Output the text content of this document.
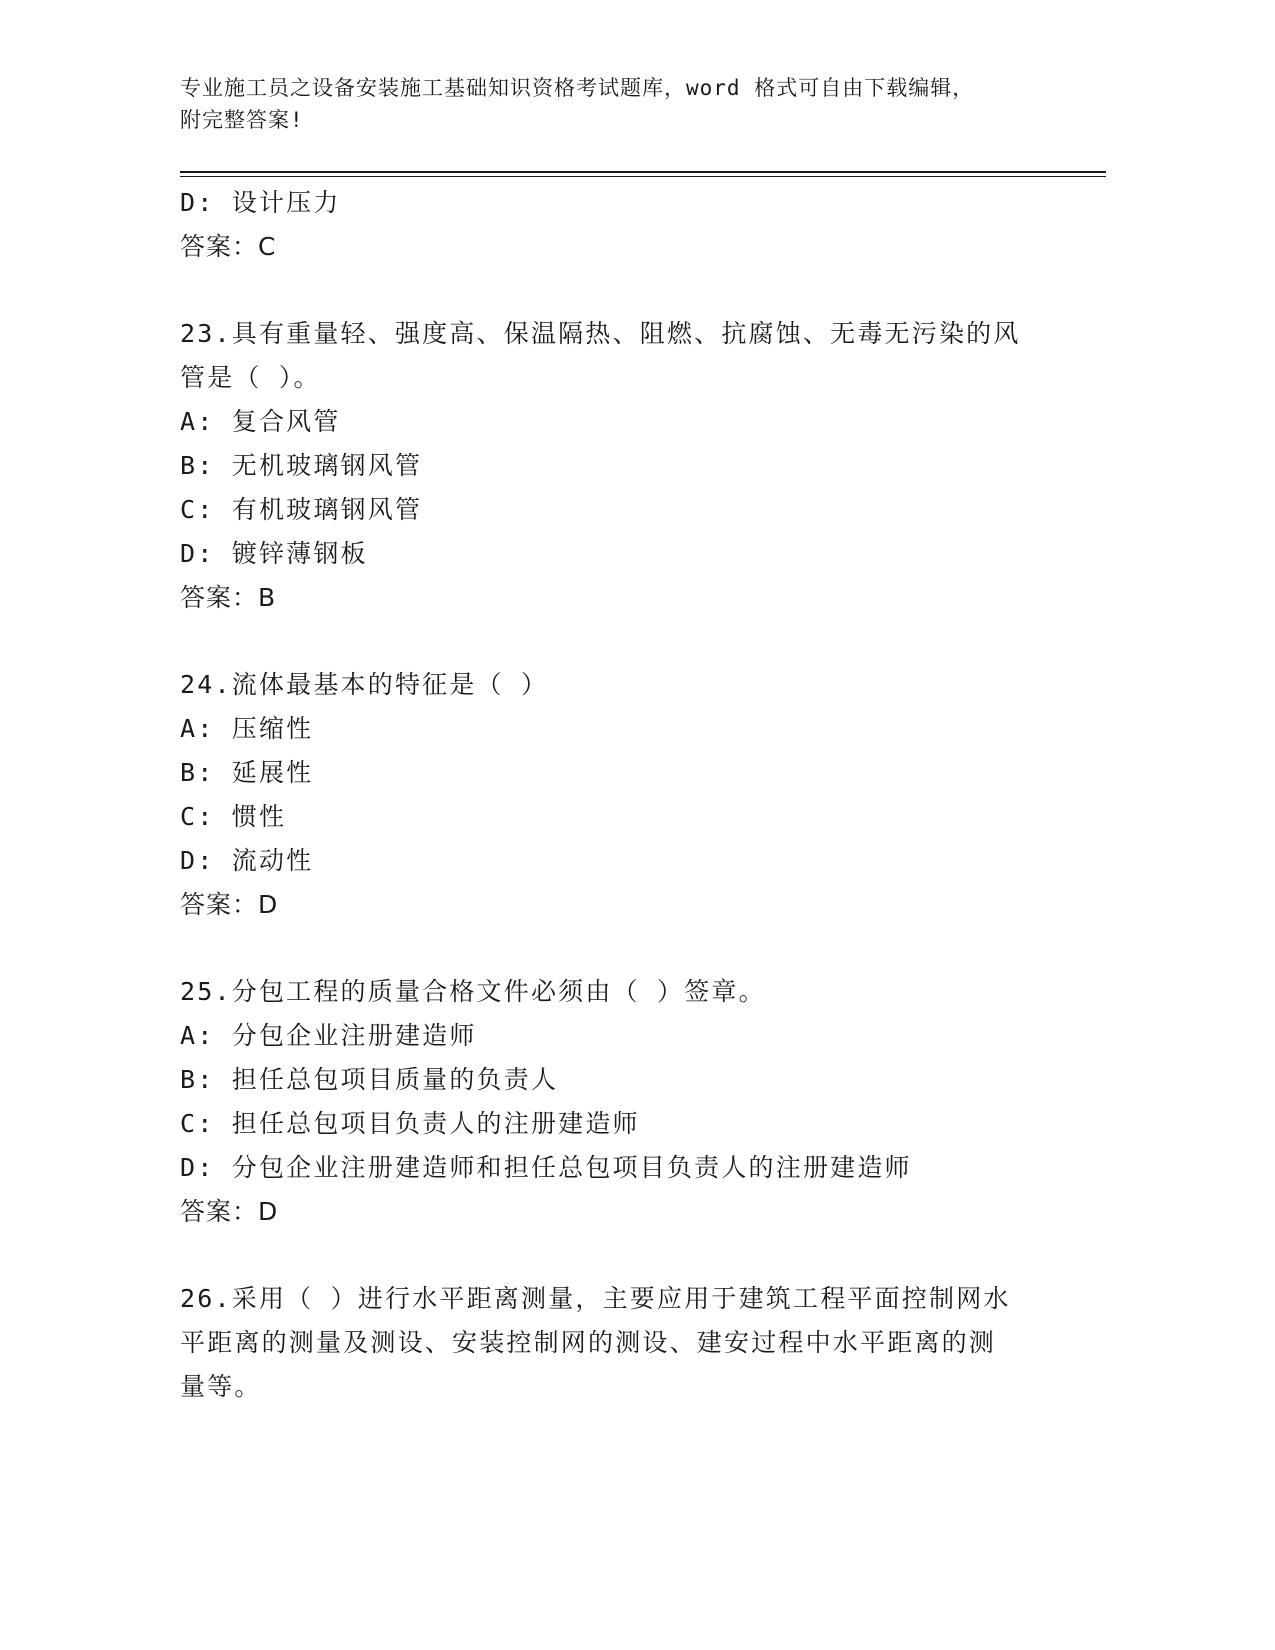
专业施工员之设备安装施工基础知识资格考试题库，word 格式可自由下载编辑，
附完整答案!
D: 设计压力
答案：C
23.具有重量轻、强度高、保温隔热、阻燃、抗腐蚀、无毒无污染的风
管是（ ）。
A: 复合风管
B: 无机玻璃钢风管
C: 有机玻璃钢风管
D: 镀锌薄钢板
答案：B
24.流体最基本的特征是（ ）
A: 压缩性
B: 延展性
C: 惯性
D: 流动性
答案：D
25.分包工程的质量合格文件必须由（ ）签章。
A: 分包企业注册建造师
B: 担任总包项目质量的负责人
C: 担任总包项目负责人的注册建造师
D: 分包企业注册建造师和担任总包项目负责人的注册建造师
答案：D
26.采用（ ）进行水平距离测量，主要应用于建筑工程平面控制网水
平距离的测量及测设、安装控制网的测设、建安过程中水平距离的测
量等。
